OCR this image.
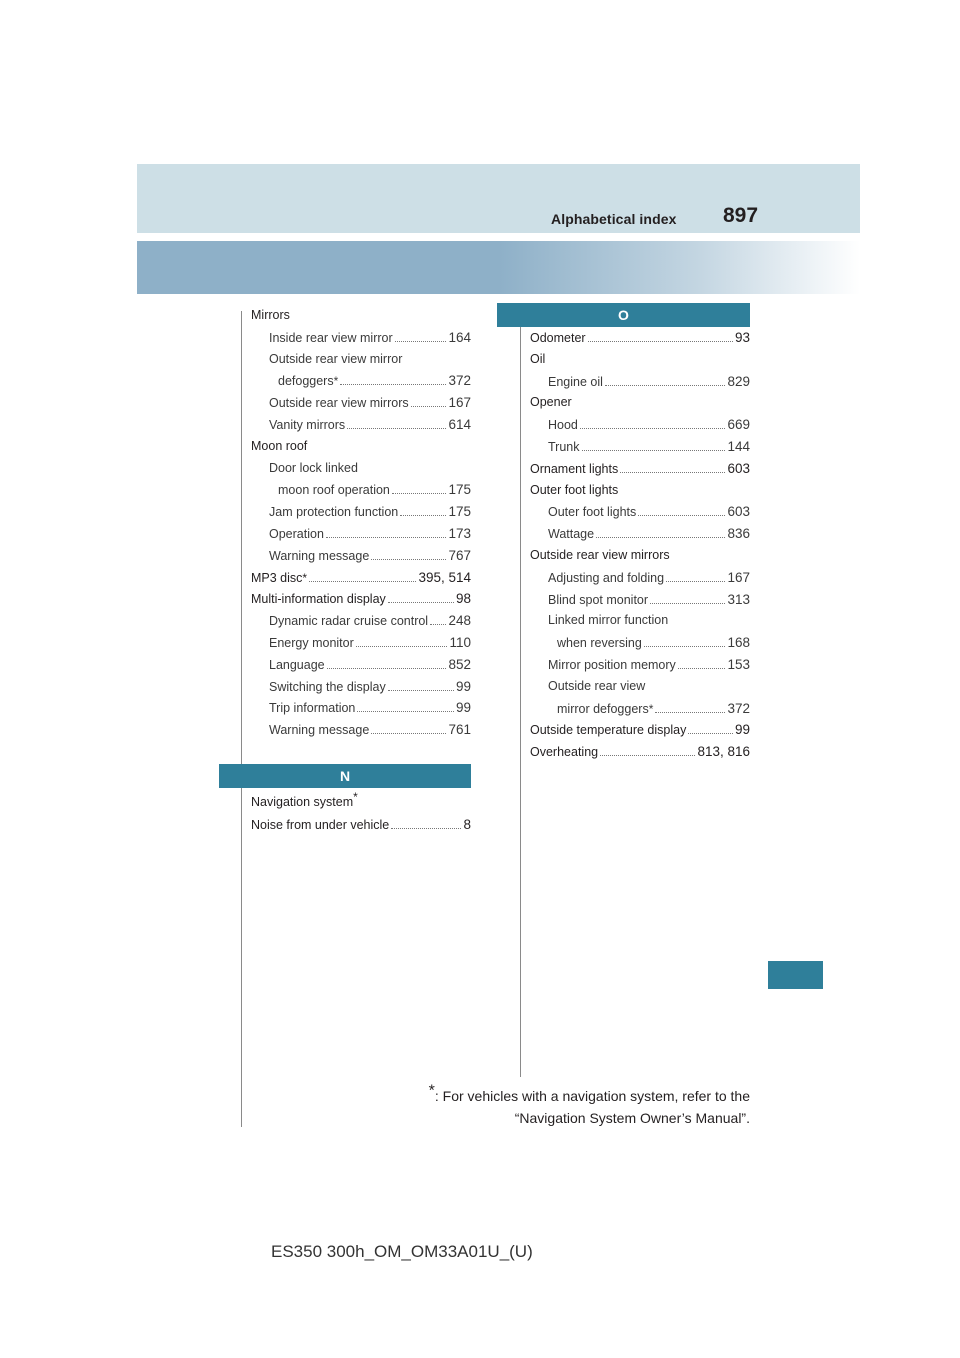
Alphabetical index 897
O
N
Mirrors
Inside rear view mirror	164
Outside rear view mirror
defoggers *	372
Outside rear view mirrors	167
Vanity mirrors	614
Moon roof
Door lock linked
moon roof operation	175
Jam protection function	175
Operation	173
Warning message	767
MP3 disc *	395, 514
Multi-information display	98
Dynamic radar cruise control 248
Energy monitor	110
Language	852
Switching the display	99
Trip information	99
Warning message	761
Navigation system*
Noise from under vehicle	8
Odometer	93
Oil
Engine oil	829
Opener
Hood	669
Trunk	144
Ornament lights	603
Outer foot lights
Outer foot lights	603
Wattage	836
Outside rear view mirrors
Adjusting and folding	167
Blind spot monitor	313
Linked mirror function
when reversing	168
Mirror position memory	153
Outside rear view
mirror defoggers *	372
Outside temperature display	99
Overheating	813, 816
*: For vehicles with a navigation system, refer to the
“Navigation System Owner’s Manual”.
ES350 300h_OM_OM33A01U_(U)
